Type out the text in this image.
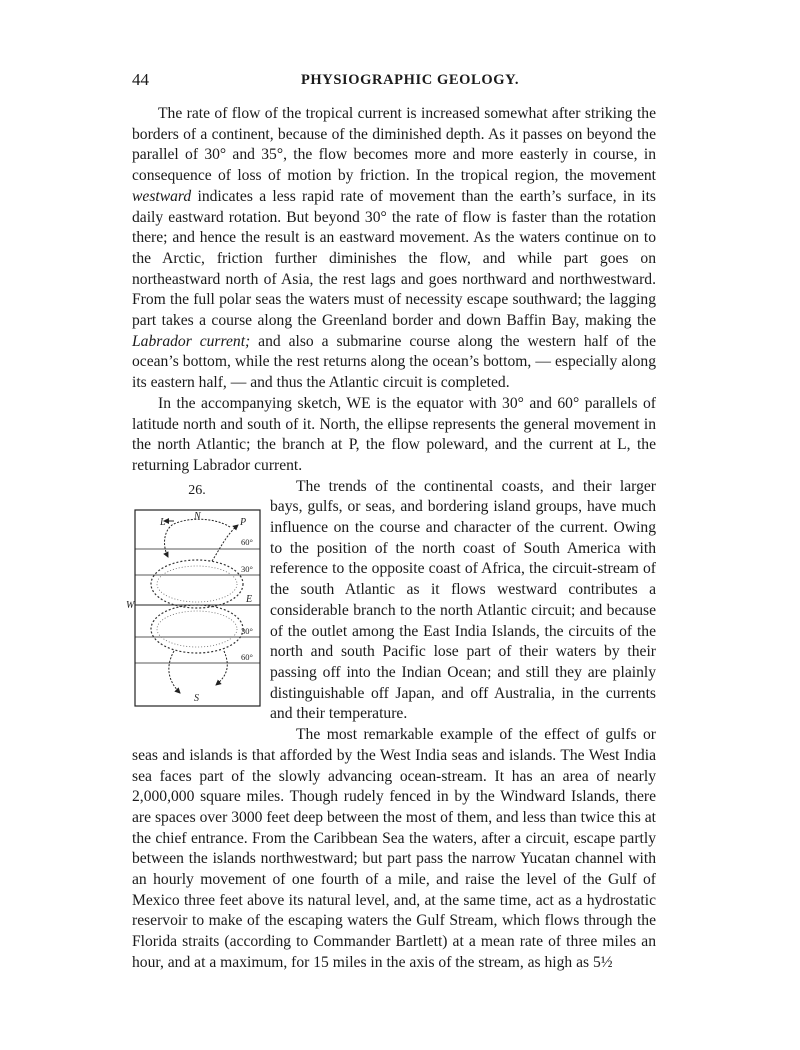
44	PHYSIOGRAPHIC GEOLOGY.

The rate of flow of the tropical current is increased somewhat after striking the borders of a continent, because of the diminished depth. As it passes on beyond the parallel of 30° and 35°, the flow becomes more and more easterly in course, in consequence of loss of motion by friction. In the tropical region, the movement westward indicates a less rapid rate of movement than the earth’s surface, in its daily eastward rotation. But beyond 30° the rate of flow is faster than the rotation there; and hence the result is an eastward movement. As the waters continue on to the Arctic, friction further diminishes the flow, and while part goes on northeastward north of Asia, the rest lags and goes northward and northwestward. From the full polar seas the waters must of necessity escape southward; the lagging part takes a course along the Greenland border and down Baffin Bay, making the Labrador current; and also a submarine course along the western half of the ocean’s bottom, while the rest returns along the ocean’s bottom, — especially along its eastern half, — and thus the Atlantic circuit is completed.

In the accompanying sketch, WE is the equator with 30° and 60° parallels of latitude north and south of it. North, the ellipse represents the general movement in the north Atlantic; the branch at P, the flow poleward, and the current at L, the returning Labrador current.

26.
N
L	P
60°
30°
W
E
30°
60°
S

The trends of the continental coasts, and their larger bays, gulfs, or seas, and bordering island groups, have much influence on the course and character of the current. Owing to the position of the north coast of South America with reference to the opposite coast of Africa, the circuit-stream of the south Atlantic as it flows westward contributes a considerable branch to the north Atlantic circuit; and because of the outlet among the East India Islands, the circuits of the north and south Pacific lose part of their waters by their passing off into the Indian Ocean; and still they are plainly distinguishable off Japan, and off Australia, in the currents and their temperature.

The most remarkable example of the effect of gulfs or seas and islands is that afforded by the West India seas and islands. The West India sea faces part of the slowly advancing ocean-stream. It has an area of nearly 2,000,000 square miles. Though rudely fenced in by the Windward Islands, there are spaces over 3000 feet deep between the most of them, and less than twice this at the chief entrance. From the Caribbean Sea the waters, after a circuit, escape partly between the islands northwestward; but part pass the narrow Yucatan channel with an hourly movement of one fourth of a mile, and raise the level of the Gulf of Mexico three feet above its natural level, and, at the same time, act as a hydrostatic reservoir to make of the escaping waters the Gulf Stream, which flows through the Florida straits (according to Commander Bartlett) at a mean rate of three miles an hour, and at a maximum, for 15 miles in the axis of the stream, as high as 5½
